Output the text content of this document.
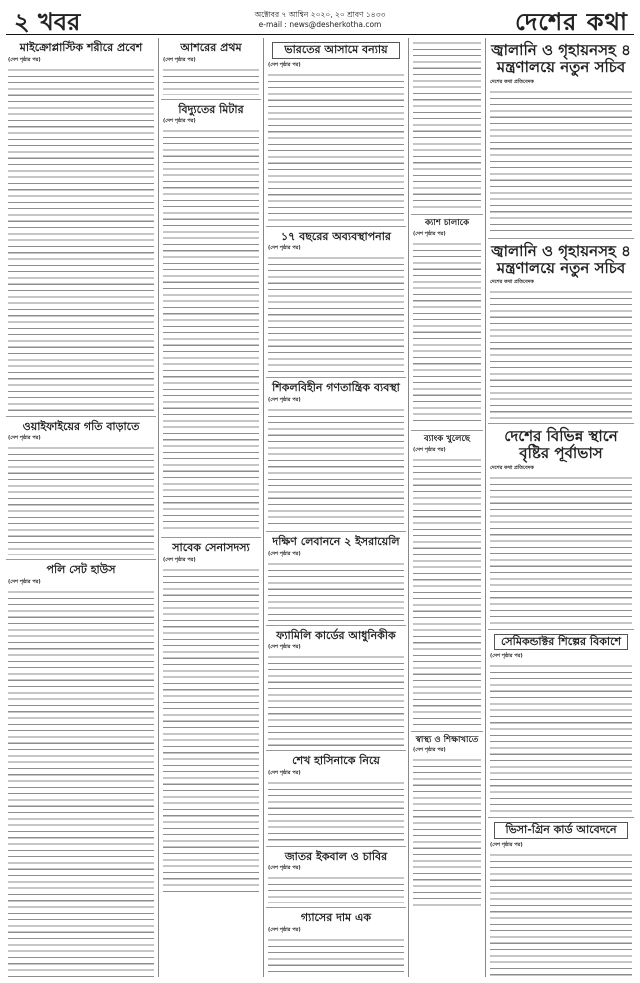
২ খবর	অক্টোবর ৭ আশ্বিন ২০২০, ২০ শ্রাবণ ১৪৩৩
e-mail : news@desherkotha.com	দেশের কথা
মাইক্রোপ্লাস্টিক শরীরে প্রবেশ
(দেশ পৃষ্ঠার পর)
ওয়াইফাইয়ের গতি বাড়াতে
(দেশ পৃষ্ঠার পর)
পলি সেট হাউস
(দেশ পৃষ্ঠার পর)
আশরের প্রথম
(দেশ পৃষ্ঠার পর)
বিদ্যুতের মিটার
(দেশ পৃষ্ঠার পর)
সাবেক সেনাসদস্য
(দেশ পৃষ্ঠার পর)
ভারতের আসামে বন্যায়
(দেশ পৃষ্ঠার পর)
১৭ বছরের অব্যবস্থাপনার
(দেশ পৃষ্ঠার পর)
শিকলবিহীন গণতান্ত্রিক ব্যবস্থা
(দেশ পৃষ্ঠার পর)
দক্ষিণ লেবাননে ২ ইসরায়েলি
(দেশ পৃষ্ঠার পর)
ফ্যামিলি কার্ডের আধুনিকীক
(দেশ পৃষ্ঠার পর)
শেখ হাসিনাকে নিয়ে
(দেশ পৃষ্ঠার পর)
জাতর ইকবাল ও চাবির
(দেশ পৃষ্ঠার পর)
গ্যাসের দাম এক
(দেশ পৃষ্ঠার পর)
ক্যাশ চালাকে
(দেশ পৃষ্ঠার পর)
ব্যাংক খুলেছে
(দেশ পৃষ্ঠার পর)
স্বাস্থ্য ও শিক্ষাখাতে
(দেশ পৃষ্ঠার পর)
জ্বালানি ও গৃহায়নসহ ৪ মন্ত্রণালয়ে নতুন সচিব
দেশের কথা প্রতিবেদক
জ্বালানি ও গৃহায়নসহ ৪ মন্ত্রণালয়ে নতুন সচিব
দেশের কথা প্রতিবেদক
দেশের বিভিন্ন স্থানে বৃষ্টির পূর্বাভাস
দেশের কথা প্রতিবেদক
সেমিকন্ডাক্টর শিল্পের বিকাশে
(দেশ পৃষ্ঠার পর)
ভিসা-গ্রিন কার্ড আবেদনে
(দেশ পৃষ্ঠার পর)
